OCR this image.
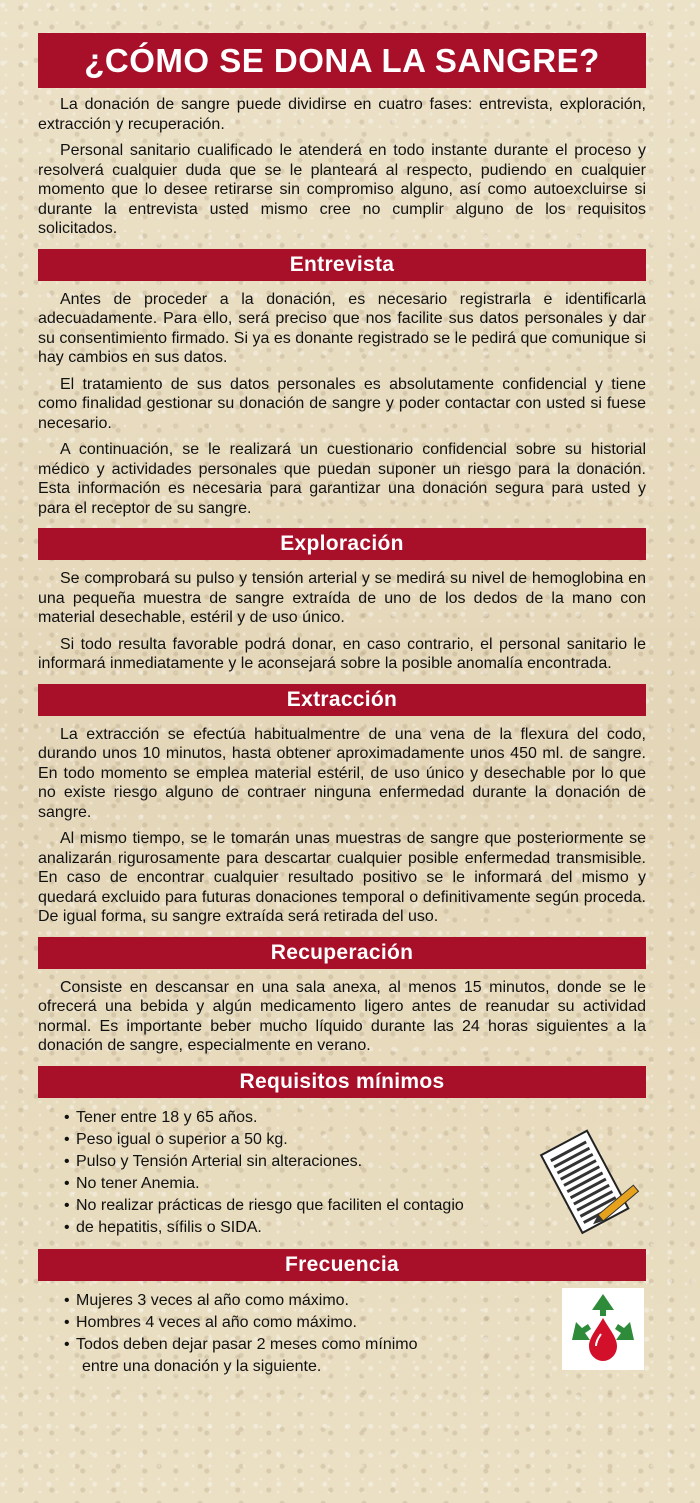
¿CÓMO SE DONA LA SANGRE?

La donación de sangre puede dividirse en cuatro fases: entrevista, exploración, extracción y recuperación.

Personal sanitario cualificado le atenderá en todo instante durante el proceso y resolverá cualquier duda que se le planteará al respecto, pudiendo en cualquier momento que lo desee retirarse sin compromiso alguno, así como autoexcluirse si durante la entrevista usted mismo cree no cumplir alguno de los requisitos solicitados.

Entrevista

Antes de proceder a la donación, es necesario registrarla e identificarla adecuadamente. Para ello, será preciso que nos facilite sus datos personales y dar su consentimiento firmado. Si ya es donante registrado se le pedirá que comunique si hay cambios en sus datos.

El tratamiento de sus datos personales es absolutamente confidencial y tiene como finalidad gestionar su donación de sangre y poder contactar con usted si fuese necesario.

A continuación, se le realizará un cuestionario confidencial sobre su historial médico y actividades personales que puedan suponer un riesgo para la donación. Esta información es necesaria para garantizar una donación segura para usted y para el receptor de su sangre.

Exploración

Se comprobará su pulso y tensión arterial y se medirá su nivel de hemoglobina en una pequeña muestra de sangre extraída de uno de los dedos de la mano con material desechable, estéril y de uso único.

Si todo resulta favorable podrá donar, en caso contrario, el personal sanitario le informará inmediatamente y le aconsejará sobre la posible anomalía encontrada.

Extracción

La extracción se efectúa habitualmentre de una vena de la flexura del codo, durando unos 10 minutos, hasta obtener aproximadamente unos 450 ml. de sangre. En todo momento se emplea material estéril, de uso único y desechable por lo que no existe riesgo alguno de contraer ninguna enfermedad durante la donación de sangre.

Al mismo tiempo, se le tomarán unas muestras de sangre que posteriormente se analizarán rigurosamente para descartar cualquier posible enfermedad transmisible. En caso de encontrar cualquier resultado positivo se le informará del mismo y quedará excluido para futuras donaciones temporal o definitivamente según proceda. De igual forma, su sangre extraída será retirada del uso.

Recuperación

Consiste en descansar en una sala anexa, al menos 15 minutos, donde se le ofrecerá una bebida y algún medicamento ligero antes de reanudar su actividad normal. Es importante beber mucho líquido durante las 24 horas siguientes a la donación de sangre, especialmente en verano.

Requisitos mínimos
• Tener entre 18 y 65 años.
• Peso igual o superior a 50 kg.
• Pulso y Tensión Arterial sin alteraciones.
• No tener Anemia.
• No realizar prácticas de riesgo que faciliten el contagio
• de hepatitis, sífilis o SIDA.
Frecuencia
• Mujeres 3 veces al año como máximo.
• Hombres 4 veces al año como máximo.
• Todos deben dejar pasar 2 meses como mínimo
entre una donación y la siguiente.
